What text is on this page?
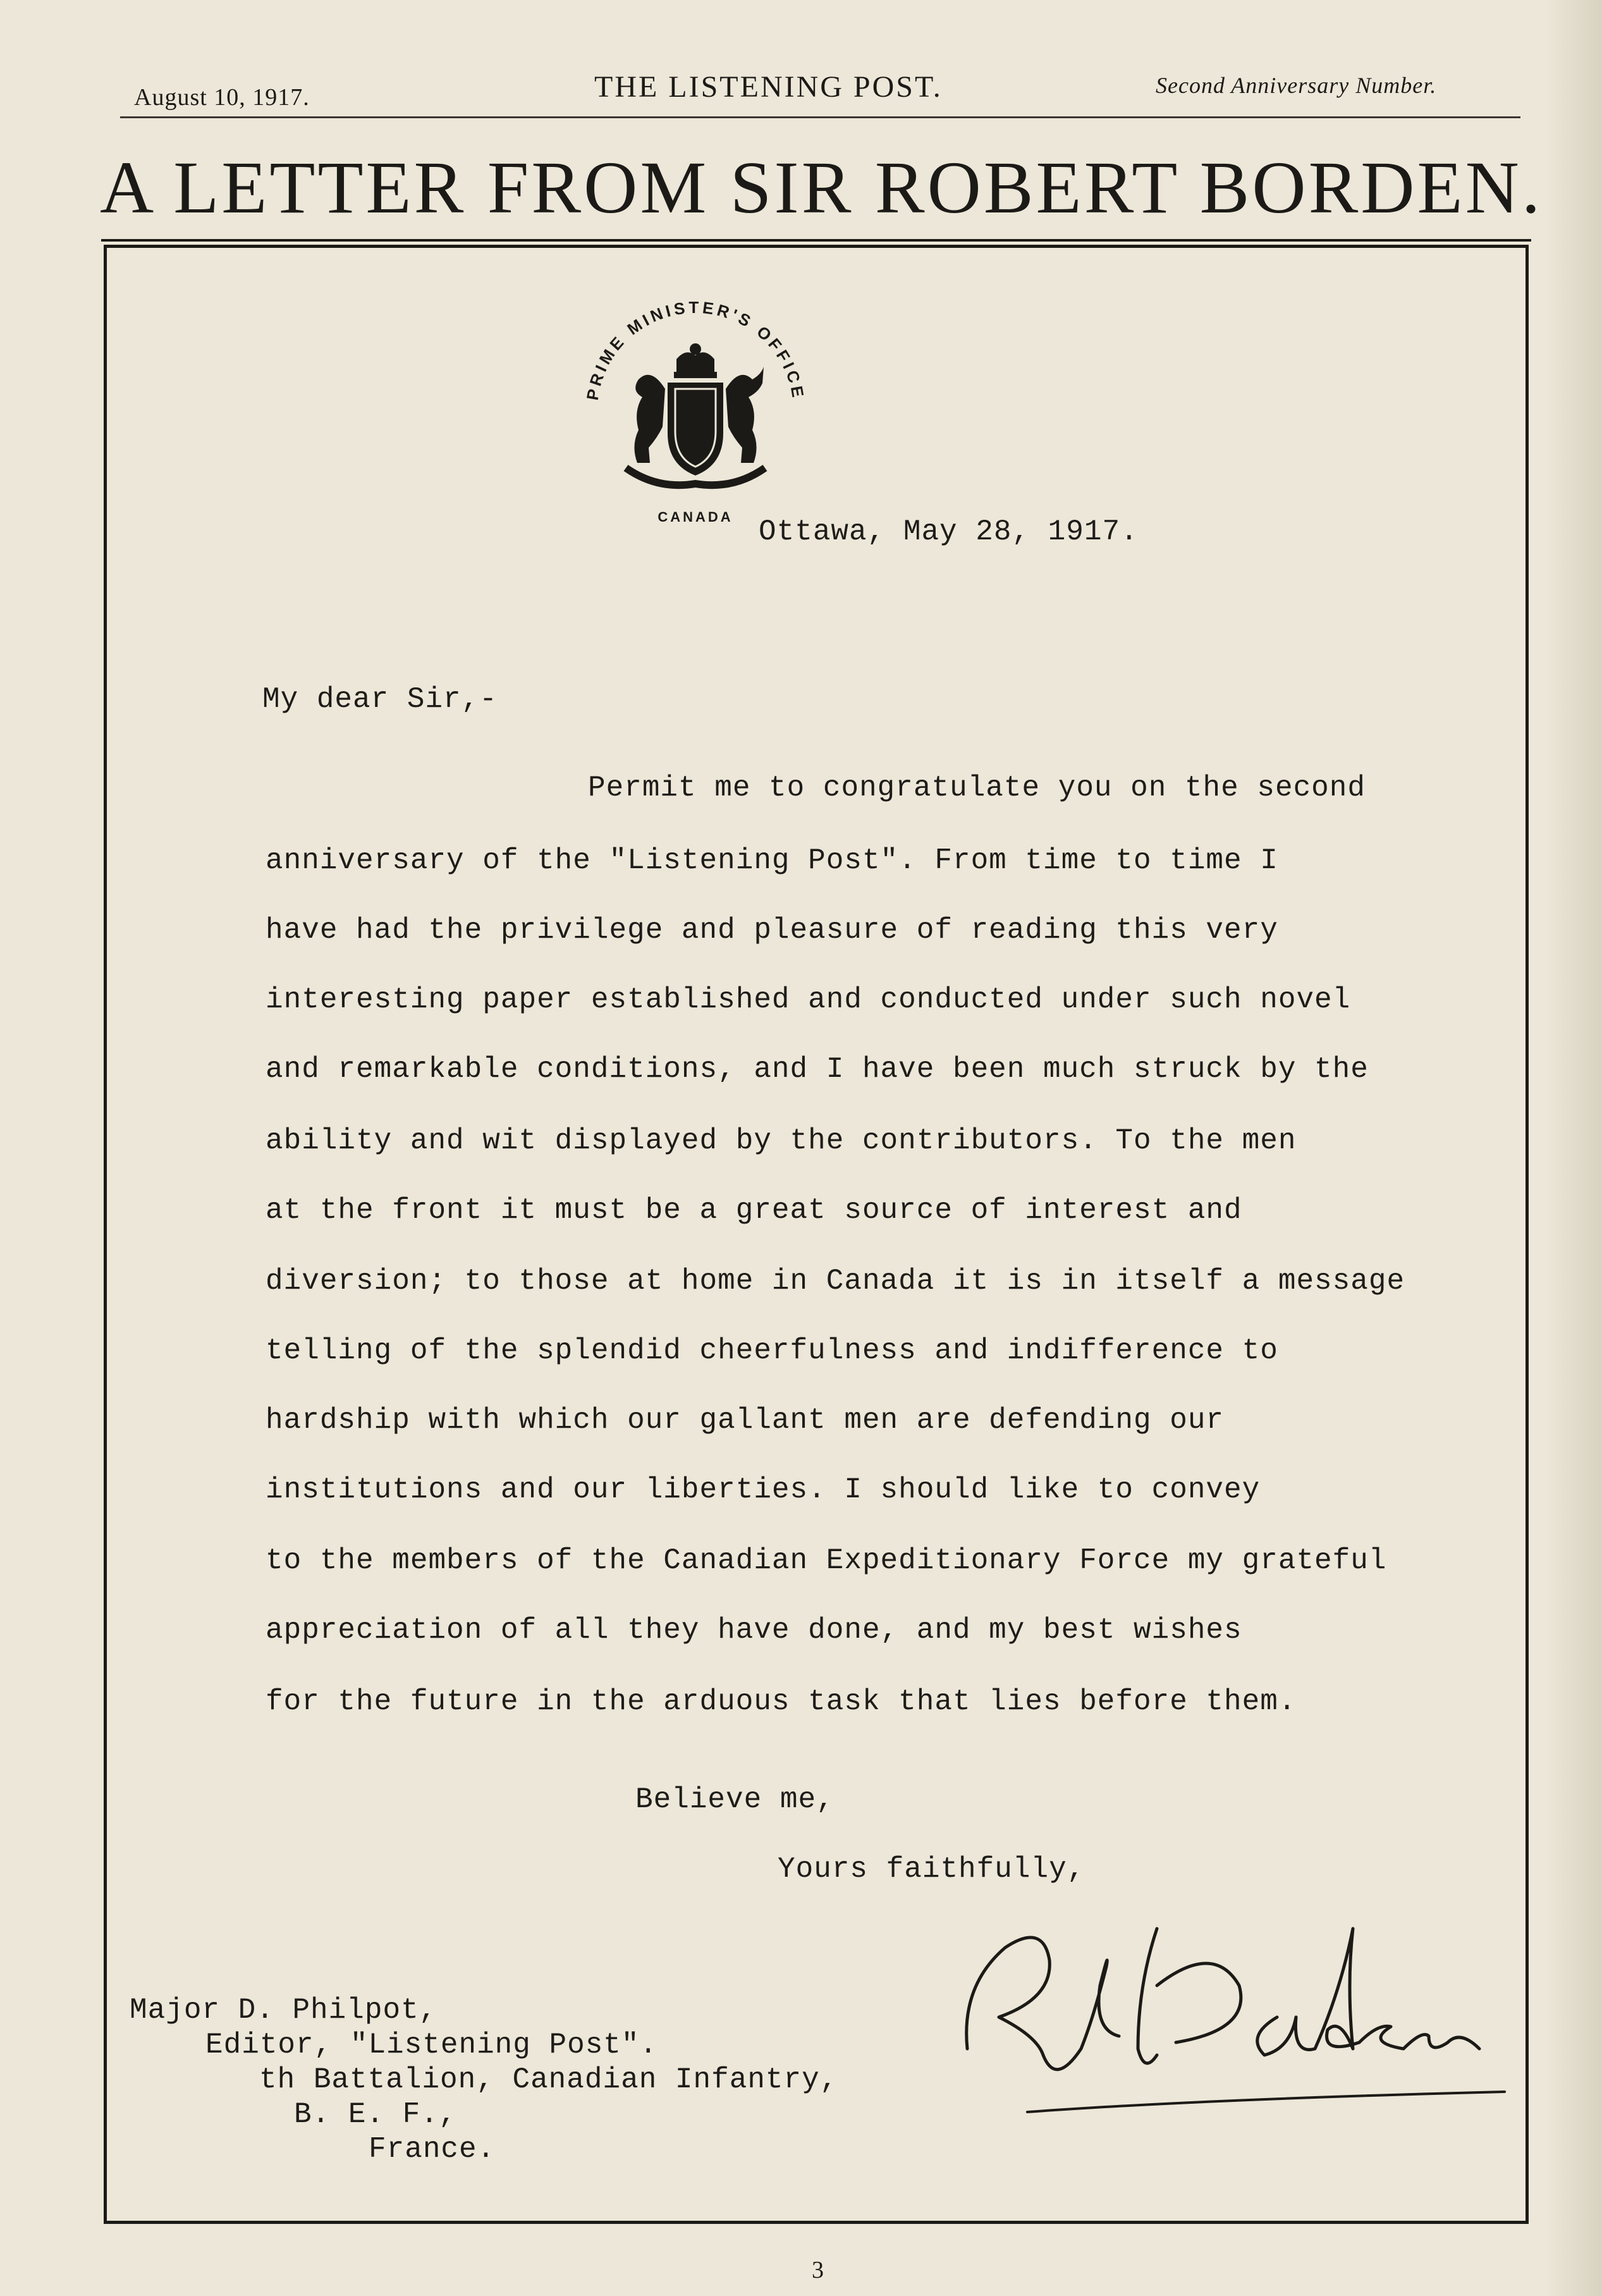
August 10, 1917.	THE LISTENING POST.	Second Anniversary Number.
A LETTER FROM SIR ROBERT BORDEN.
PRIME MINISTER'S OFFICE
CANADA Ottawa, May 28, 1917.
My dear Sir,-
Permit me to congratulate you on the second
anniversary of the "Listening Post". From time to time I
have had the privilege and pleasure of reading this very
interesting paper established and conducted under such novel
and remarkable conditions, and I have been much struck by the
ability and wit displayed by the contributors. To the men
at the front it must be a great source of interest and
diversion; to those at home in Canada it is in itself a message
telling of the splendid cheerfulness and indifference to
hardship with which our gallant men are defending our
institutions and our liberties. I should like to convey
to the members of the Canadian Expeditionary Force my grateful
appreciation of all they have done, and my best wishes
for the future in the arduous task that lies before them.
Believe me,
Yours faithfully,
Major D. Philpot,
Editor, "Listening Post".
th Battalion, Canadian Infantry,
B. E. F.,
France.
3
